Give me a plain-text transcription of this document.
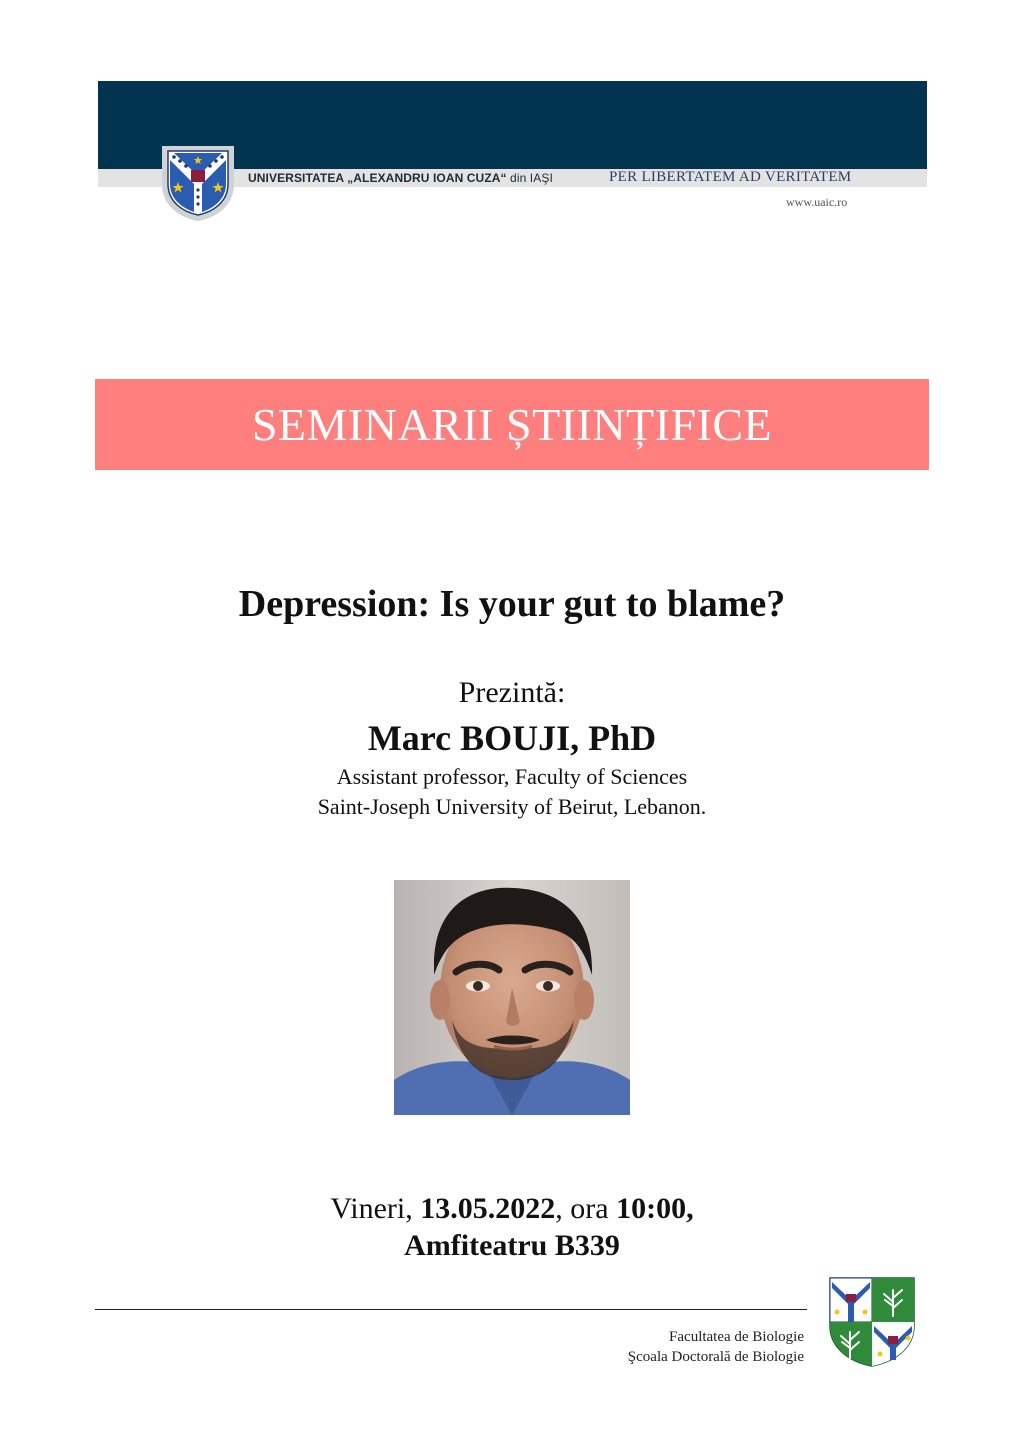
UNIVERSITATEA „ALEXANDRU IOAN CUZA“ din IAŞI	PER LIBERTATEM AD VERITATEM
www.uaic.ro
SEMINARII ȘTIINȚIFICE
Depression: Is your gut to blame?
Prezintă:
Marc BOUJI, PhD
Assistant professor, Faculty of Sciences
Saint-Joseph University of Beirut, Lebanon.
Vineri, 13.05.2022, ora 10:00,
Amfiteatru B339
Facultatea de Biologie
Şcoala Doctorală de Biologie
